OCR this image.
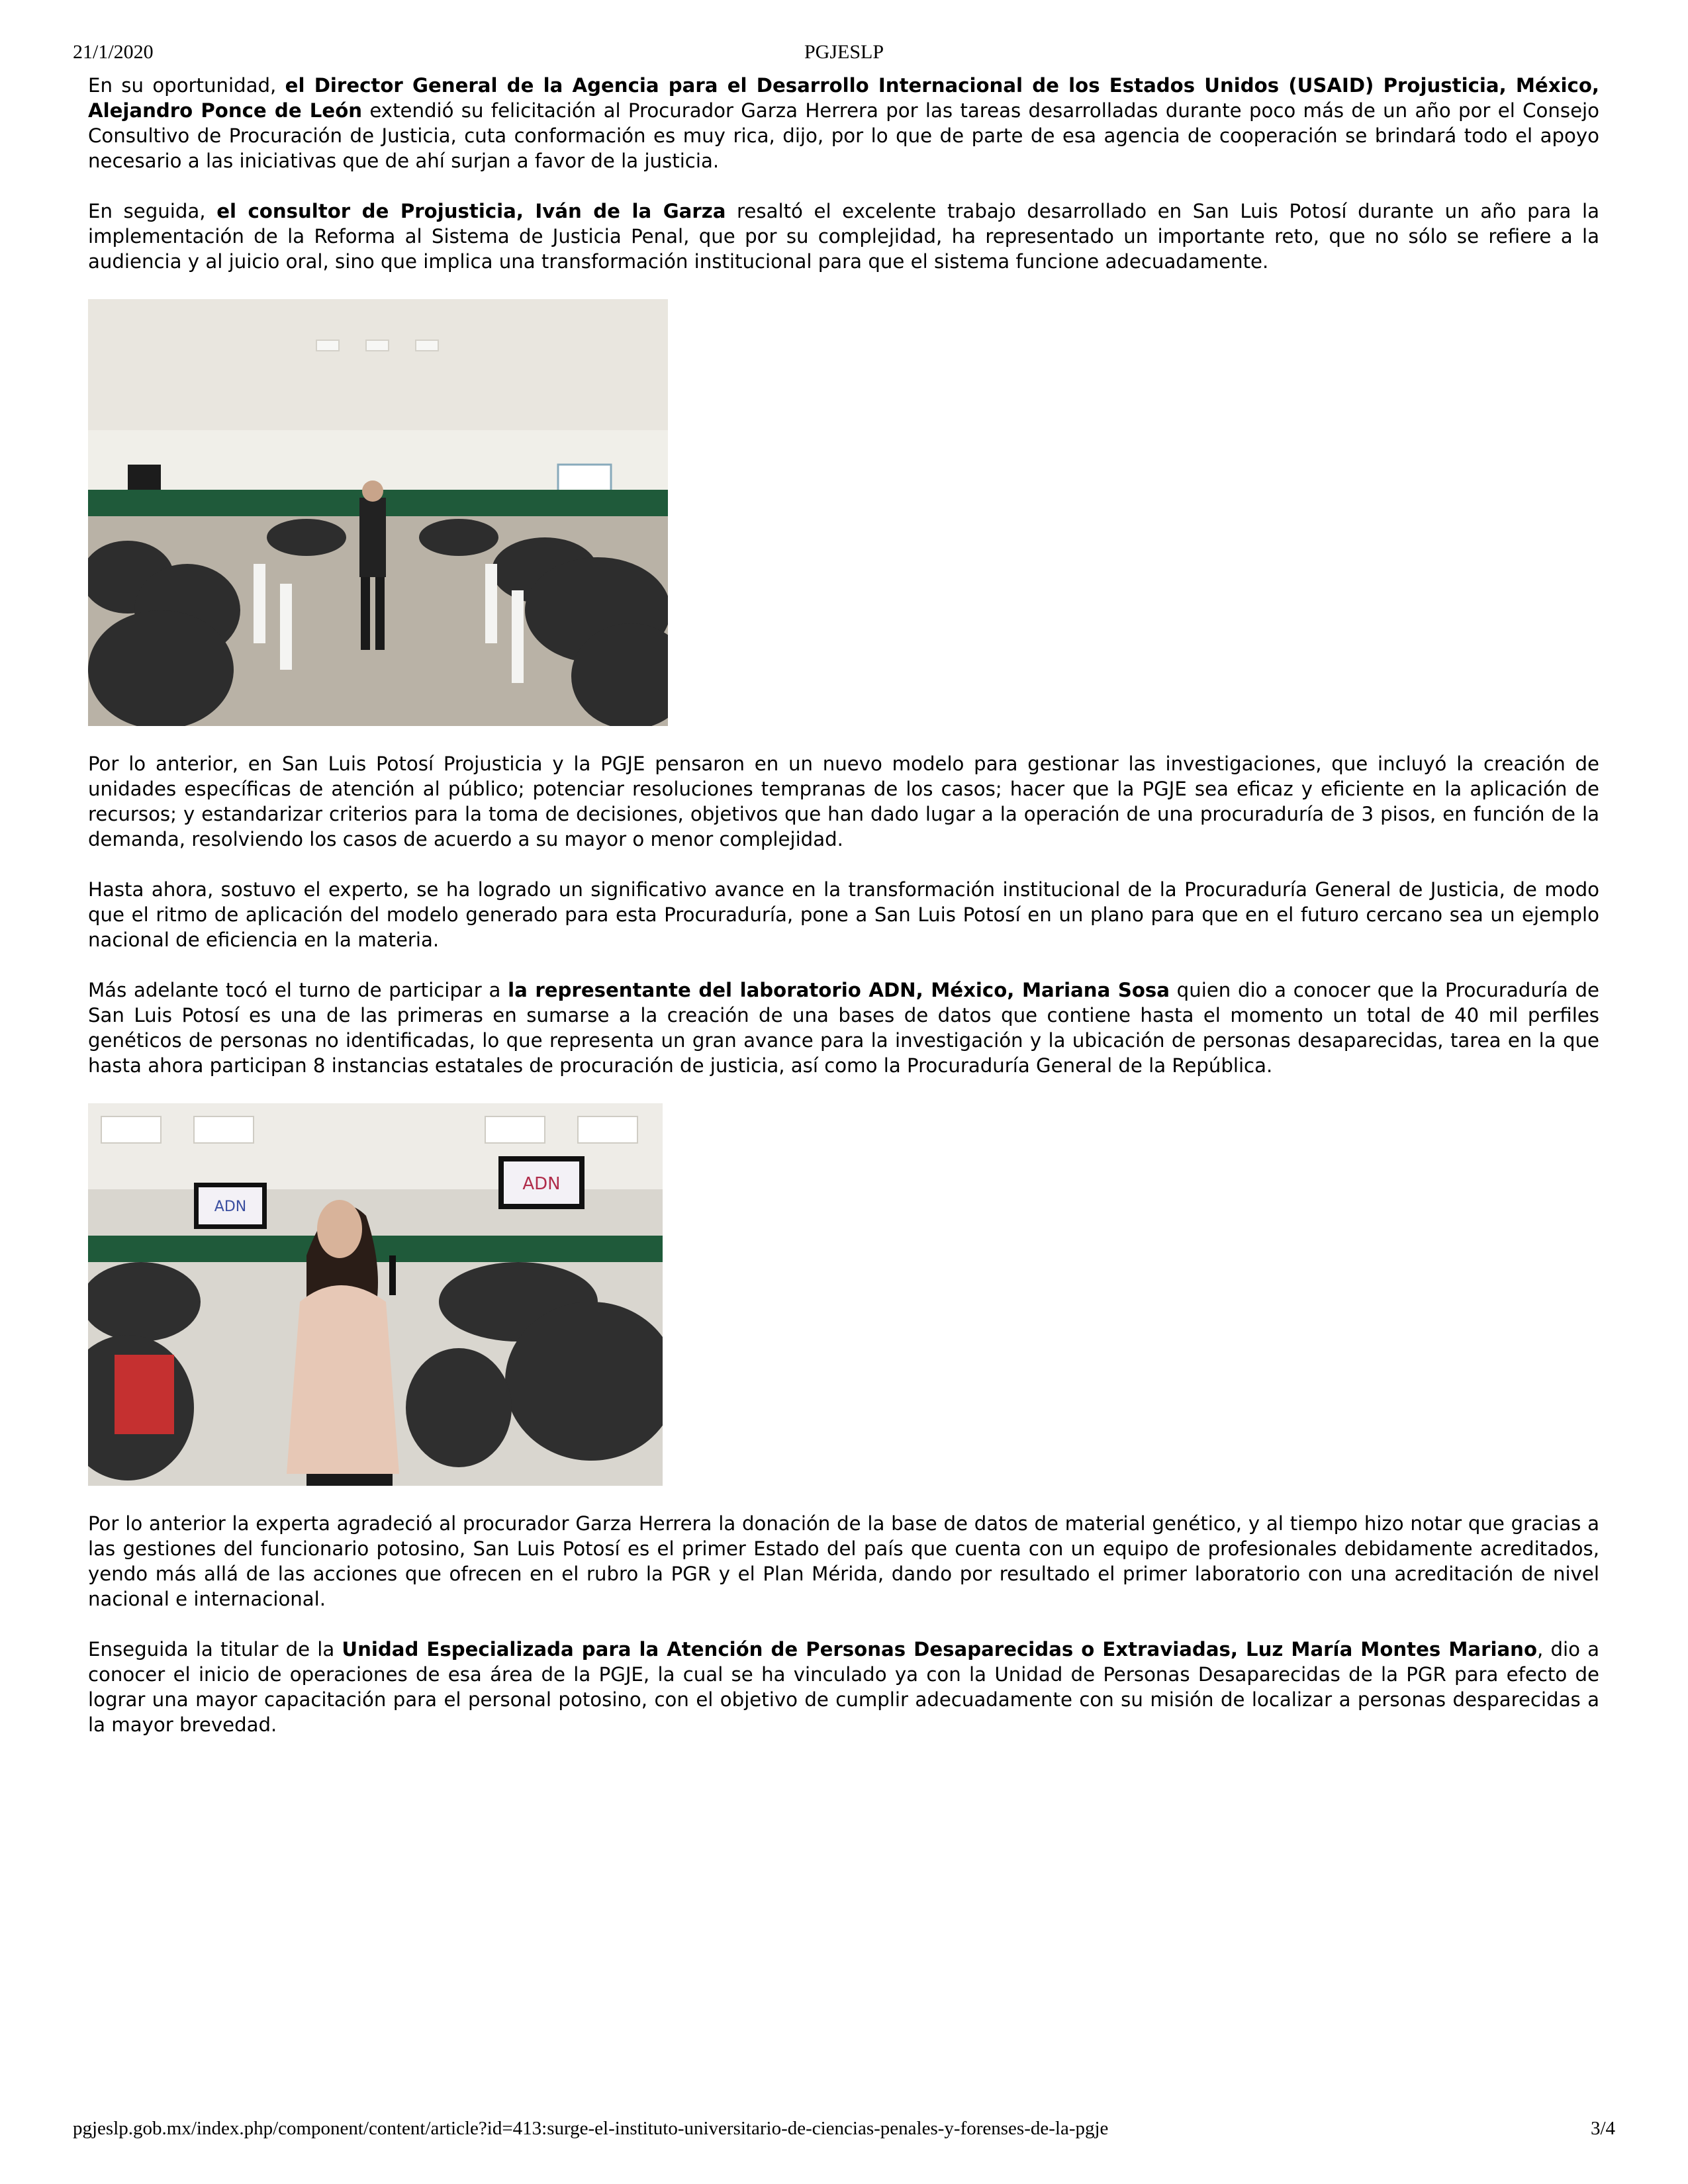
21/1/2020	PGJESLP

En su oportunidad, el Director General de la Agencia para el Desarrollo Internacional de los Estados Unidos (USAID) Projusticia, México, Alejandro Ponce de León extendió su felicitación al Procurador Garza Herrera por las tareas desarrolladas durante poco más de un año por el Consejo Consultivo de Procuración de Justicia, cuta conformación es muy rica, dijo, por lo que de parte de esa agencia de cooperación se brindará todo el apoyo necesario a las iniciativas que de ahí surjan a favor de la justicia.

En seguida, el consultor de Projusticia, Iván de la Garza resaltó el excelente trabajo desarrollado en San Luis Potosí durante un año para la implementación de la Reforma al Sistema de Justicia Penal, que por su complejidad, ha representado un importante reto, que no sólo se refiere a la audiencia y al juicio oral, sino que implica una transformación institucional para que el sistema funcione adecuadamente.

Por lo anterior, en San Luis Potosí Projusticia y la PGJE pensaron en un nuevo modelo para gestionar las investigaciones, que incluyó la creación de unidades específicas de atención al público; potenciar resoluciones tempranas de los casos; hacer que la PGJE sea eficaz y eficiente en la aplicación de recursos; y estandarizar criterios para la toma de decisiones, objetivos que han dado lugar a la operación de una procuraduría de 3 pisos, en función de la demanda, resolviendo los casos de acuerdo a su mayor o menor complejidad.

Hasta ahora, sostuvo el experto, se ha logrado un significativo avance en la transformación institucional de la Procuraduría General de Justicia, de modo que el ritmo de aplicación del modelo generado para esta Procuraduría, pone a San Luis Potosí en un plano para que en el futuro cercano sea un ejemplo nacional de eficiencia en la materia.

Más adelante tocó el turno de participar a la representante del laboratorio ADN, México, Mariana Sosa quien dio a conocer que la Procuraduría de San Luis Potosí es una de las primeras en sumarse a la creación de una bases de datos que contiene hasta el momento un total de 40 mil perfiles genéticos de personas no identificadas, lo que representa un gran avance para la investigación y la ubicación de personas desaparecidas, tarea en la que hasta ahora participan 8 instancias estatales de procuración de justicia, así como la Procuraduría General de la República.

ADN
ADN

Por lo anterior la experta agradeció al procurador Garza Herrera la donación de la base de datos de material genético, y al tiempo hizo notar que gracias a las gestiones del funcionario potosino, San Luis Potosí es el primer Estado del país que cuenta con un equipo de profesionales debidamente acreditados, yendo más allá de las acciones que ofrecen en el rubro la PGR y el Plan Mérida, dando por resultado el primer laboratorio con una acreditación de nivel nacional e internacional.

Enseguida la titular de la Unidad Especializada para la Atención de Personas Desaparecidas o Extraviadas, Luz María Montes Mariano, dio a conocer el inicio de operaciones de esa área de la PGJE, la cual se ha vinculado ya con la Unidad de Personas Desaparecidas de la PGR para efecto de lograr una mayor capacitación para el personal potosino, con el objetivo de cumplir adecuadamente con su misión de localizar a personas desparecidas a la mayor brevedad.

pgjeslp.gob.mx/index.php/component/content/article?id=413:surge-el-instituto-universitario-de-ciencias-penales-y-forenses-de-la-pgje	3/4
